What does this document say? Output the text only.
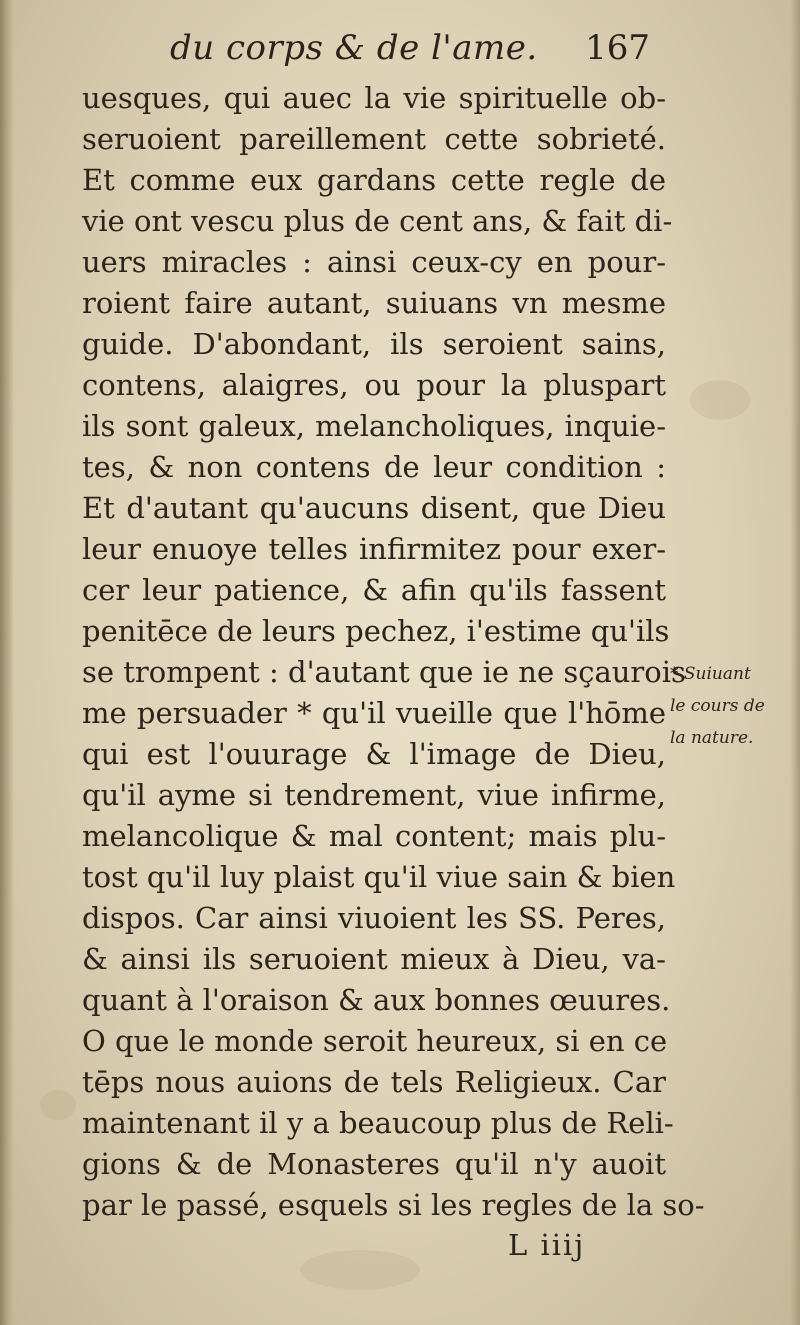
du corps & de l'ame. 167
uesques, qui auec la vie spirituelle ob-
seruoient pareillement cette sobrieté.
Et comme eux gardans cette regle de
vie ont vescu plus de cent ans, & fait di-
uers miracles : ainsi ceux-cy en pour-
roient faire autant, suiuans vn mesme
guide. D'abondant, ils seroient sains,
contens, alaigres, ou pour la pluspart
ils sont galeux, melancholiques, inquie-
tes, & non contens de leur condition :
Et d'autant qu'aucuns disent, que Dieu
leur enuoye telles infirmitez pour exer-
cer leur patience, & afin qu'ils fassent
penitēce de leurs pechez, i'estime qu'ils
se trompent : d'autant que ie ne sçaurois
me persuader * qu'il vueille que l'hōme
qui est l'ouurage & l'image de Dieu,
qu'il ayme si tendrement, viue infirme,
melancolique & mal content; mais plu-
tost qu'il luy plaist qu'il viue sain & bien
dispos. Car ainsi viuoient les SS. Peres,
& ainsi ils seruoient mieux à Dieu, va-
quant à l'oraison & aux bonnes œuures.
O que le monde seroit heureux, si en ce
tēps nous auions de tels Religieux. Car
maintenant il y a beaucoup plus de Reli-
gions & de Monasteres qu'il n'y auoit
par le passé, esquels si les regles de la so-
* Suiuant
le cours de
la nature.
L iiij
